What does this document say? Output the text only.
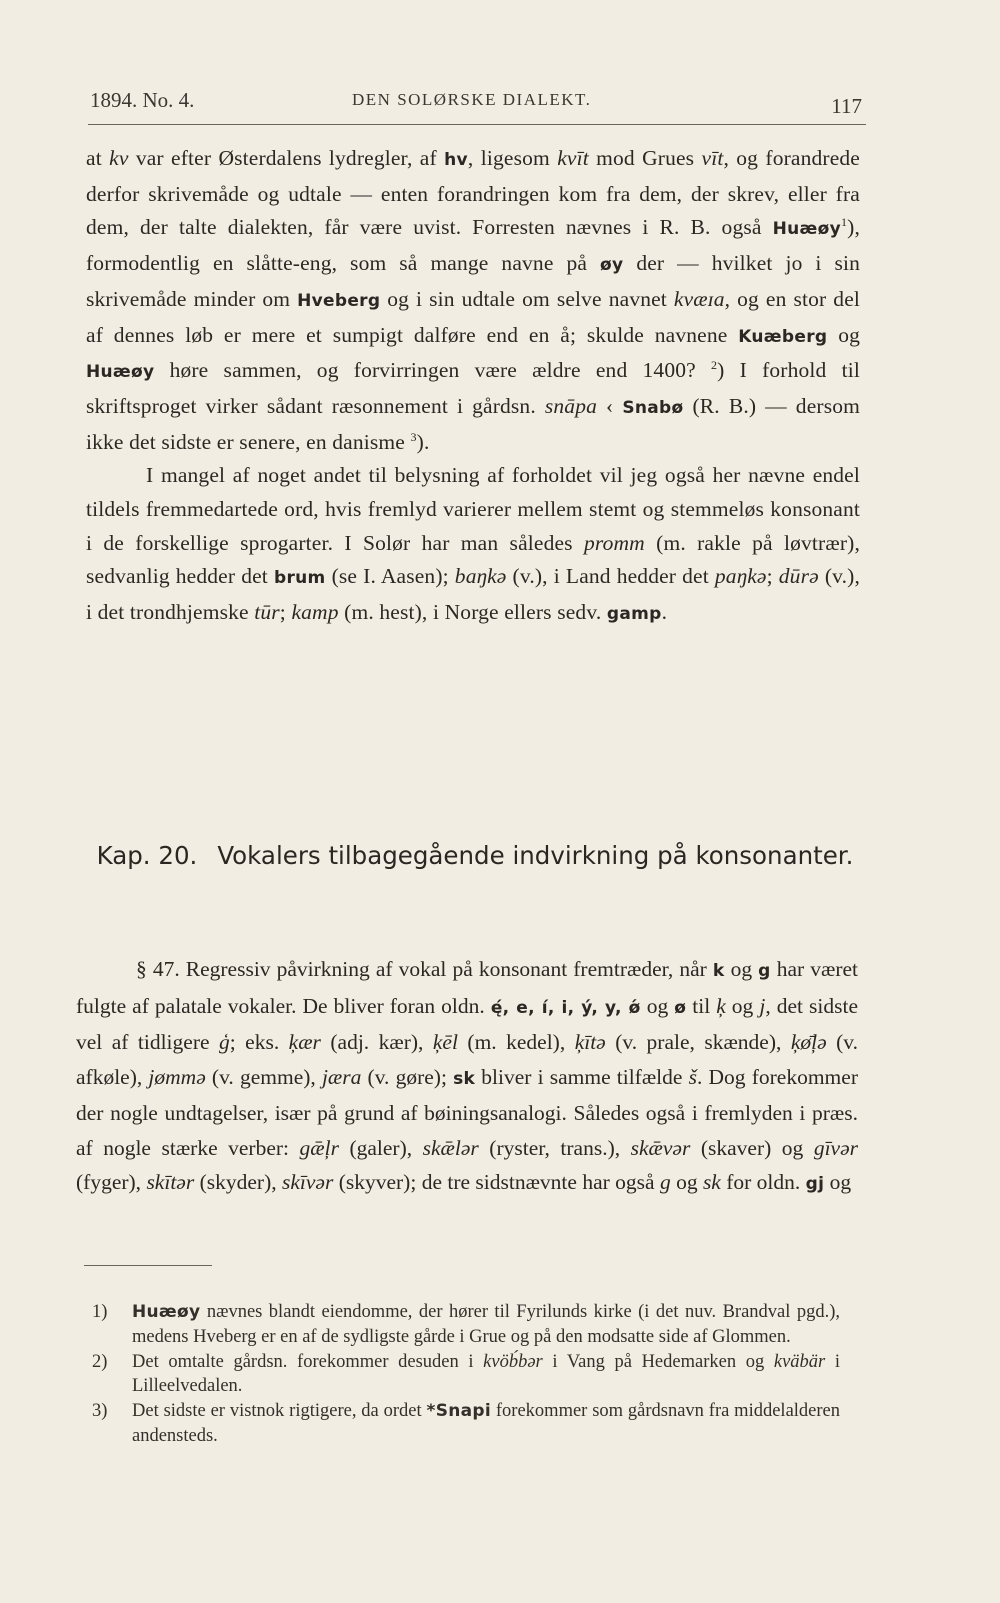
1894. No. 4.	DEN SOLØRSKE DIALEKT.	117

at kv var efter Østerdalens lydregler, af hv, ligesom kvīt mod Grues vīt, og forandrede derfor skrivemåde og udtale — enten forandringen kom fra dem, der skrev, eller fra dem, der talte dialekten, får være uvist. Forresten nævnes i R. B. også Huæøy$^1$), formodentlig en slåtte-eng, som så mange navne på øy der — hvilket jo i sin skrivemåde minder om Hveberg og i sin udtale om selve navnet kvæɪa, og en stor del af dennes løb er mere et sumpigt dalføre end en å; skulde navnene Kuæberg og Huæøy høre sammen, og forvirringen være ældre end 1400? $^2$) I forhold til skriftsproget virker sådant ræsonnement i gårdsn. snāpa ‹ Snabø (R. B.) — dersom ikke det sidste er senere, en danisme $^3$).

I mangel af noget andet til belysning af forholdet vil jeg også her nævne endel tildels fremmedartede ord, hvis fremlyd varierer mellem stemt og stemmeløs konsonant i de forskellige sprogarter. I Solør har man således promm (m. rakle på løvtrær), sedvanlig hedder det brum (se I. Aasen); baŋkə (v.), i Land hedder det paŋkə; dūrə (v.), i det trondhjemske tūr; kamp (m. hest), i Norge ellers sedv. gamp.

Kap. 20. Vokalers tilbagegående indvirkning på konsonanter.

§ 47. Regressiv påvirkning af vokal på konsonant fremtræder, når k og g har været fulgte af palatale vokaler. De bliver foran oldn. ę́, e, í, i, ý, y, ǿ og ø til ķ og j, det sidste vel af tidligere ģ; eks. ķær (adj. kær), ķēl (m. kedel), ķītə (v. prale, skænde), ķø̄ļə (v. afkøle), jømmə (v. gemme), jæra (v. gøre); sk bliver i samme tilfælde š. Dog forekommer der nogle undtagelser, især på grund af bøiningsanalogi. Således også i fremlyden i præs. af nogle stærke verber: gǣļr (galer), skǣlər (ryster, trans.), skǣvər (skaver) og gīvər (fyger), skītər (skyder), skīvər (skyver); de tre sidstnævnte har også g og sk for oldn. gj og

1) Huæøy nævnes blandt eiendomme, der hører til Fyrilunds kirke (i det nuv. Brandval pgd.), medens Hveberg er en af de sydligste gårde i Grue og på den modsatte side af Glommen.
2) Det omtalte gårdsn. forekommer desuden i kvöb́bər i Vang på Hedemarken og kväbär i Lilleelvedalen.
3) Det sidste er vistnok rigtigere, da ordet *Snapi forekommer som gårdsnavn fra middelalderen andensteds.
